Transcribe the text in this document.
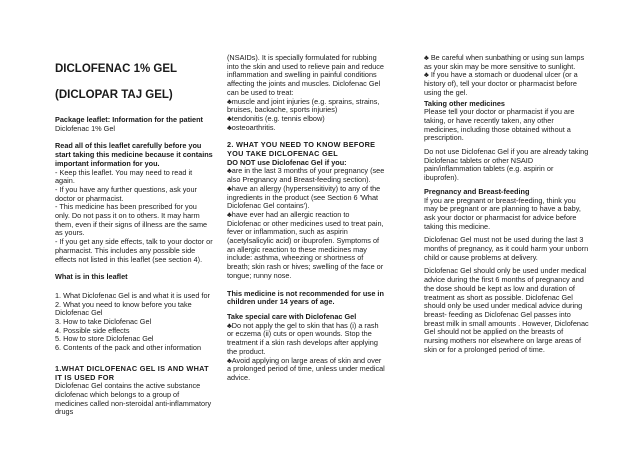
DICLOFENAC 1% GEL
(DICLOPAR TAJ GEL)
Package leaflet: Information for the patient
Diclofenac 1% Gel
Read all of this leaflet carefully before you start taking this medicine because it contains important information for you.
- Keep this leaflet. You may need to read it again.
- If you have any further questions, ask your doctor or pharmacist.
- This medicine has been prescribed for you only. Do not pass it on to others. It may harm them, even if their signs of illness are the same as yours.
- If you get any side effects, talk to your doctor or pharmacist. This includes any possible side effects not listed in this leaflet (see section 4).
What is in this leaflet
1. What Diclofenac Gel is and what it is used for
2. What you need to know before you take Diclofenac Gel
3. How to take Diclofenac Gel
4. Possible side effects
5. How to store Diclofenac Gel
6. Contents of the pack and other information
1.WHAT DICLOFENAC GEL IS AND WHAT IT IS USED FOR
Diclofenac Gel contains the active substance diclofenac which belongs to a group of medicines called non-steroidal anti-inflammatory drugs
(NSAIDs). It is specially formulated for rubbing into the skin and used to relieve pain and reduce inflammation and swelling in painful conditions affecting the joints and muscles. Diclofenac Gel can be used to treat:
♣muscle and joint injuries (e.g. sprains, strains, bruises, backache, sports injuries)
♣tendonitis (e.g. tennis elbow)
♣osteoarthritis.
2. WHAT YOU NEED TO KNOW BEFORE YOU TAKE DICLOFENAC GEL
DO NOT use Diclofenac Gel if you:
♣are in the last 3 months of your pregnancy (see also Pregnancy and Breast-feeding section).
♣have an allergy (hypersensitivity) to any of the ingredients in the product (see Section 6 'What Diclofenac Gel contains').
♣have ever had an allergic reaction to Diclofenac or other medicines used to treat pain, fever or inflammation, such as aspirin (acetylsalicylic acid) or ibuprofen. Symptoms of an allergic reaction to these medicines may include: asthma, wheezing or shortness of breath; skin rash or hives; swelling of the face or tongue; runny nose.
This medicine is not recommended for use in children under 14 years of age.
Take special care with Diclofenac Gel
♣Do not apply the gel to skin that has (i) a rash or eczema (ii) cuts or open wounds. Stop the treatment if a skin rash develops after applying the product.
♣Avoid applying on large areas of skin and over a prolonged period of time, unless under medical advice.
♣ Be careful when sunbathing or using sun lamps as your skin may be more sensitive to sunlight.
♣ If you have a stomach or duodenal ulcer (or a history of), tell your doctor or pharmacist before using the gel.
Taking other medicines
Please tell your doctor or pharmacist if you are taking, or have recently taken, any other medicines, including those obtained without a prescription.
Do not use Diclofenac Gel if you are already taking Diclofenac tablets or other NSAID pain/inflammation tablets (e.g. aspirin or ibuprofen).
Pregnancy and Breast-feeding
If you are pregnant or breast-feeding, think you may be pregnant or are planning to have a baby, ask your doctor or pharmacist for advice before taking this medicine.
Diclofenac Gel must not be used during the last 3 months of pregnancy, as it could harm your unborn child or cause problems at delivery.
Diclofenac Gel should only be used under medical advice during the first 6 months of pregnancy and the dose should be kept as low and duration of treatment as short as possible. Diclofenac Gel should only be used under medical advice during breast- feeding as Diclofenac Gel passes into breast milk in small amounts . However, Diclofenac Gel should not be applied on the breasts of nursing mothers nor elsewhere on large areas of skin or for a prolonged period of time.
